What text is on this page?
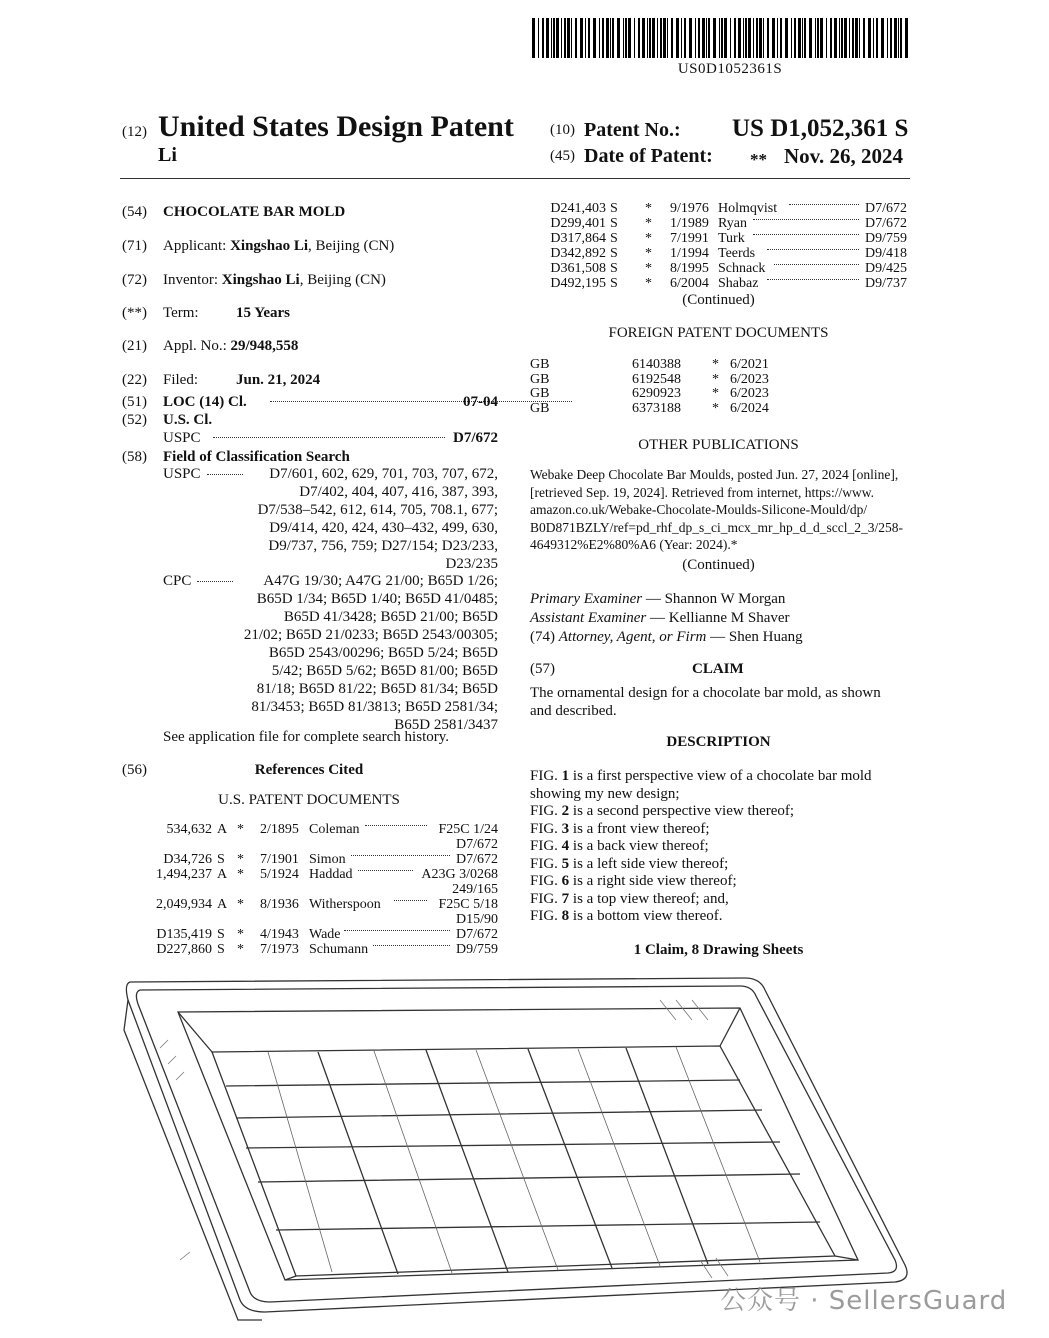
US0D1052361S
(12) United States Design Patent
Li
(10) Patent No.: US D1,052,361 S
(45) Date of Patent: ** Nov. 26, 2024
(54) CHOCOLATE BAR MOLD
(71) Applicant: Xingshao Li, Beijing (CN)
(72) Inventor: Xingshao Li, Beijing (CN)
(**) Term: 15 Years
(21) Appl. No.: 29/948,558
(22) Filed:	Jun. 21, 2024
(51) LOC (14) Cl.	07-04
(52) U.S. Cl.
USPC	D7/672
(58) Field of Classification Search
USPC	D7/601, 602, 629, 701, 703, 707, 672,
D7/402, 404, 407, 416, 387, 393,
D7/538–542, 612, 614, 705, 708.1, 677;
D9/414, 420, 424, 430–432, 499, 630,
D9/737, 756, 759; D27/154; D23/233,
D23/235
CPC	A47G 19/30; A47G 21/00; B65D 1/26;
B65D 1/34; B65D 1/40; B65D 41/0485;
B65D 41/3428; B65D 21/00; B65D
21/02; B65D 21/0233; B65D 2543/00305;
B65D 2543/00296; B65D 5/24; B65D
5/42; B65D 5/62; B65D 81/00; B65D
81/18; B65D 81/22; B65D 81/34; B65D
81/3453; B65D 81/3813; B65D 2581/34;
B65D 2581/3437
See application file for complete search history.
(56)	References Cited
U.S. PATENT DOCUMENTS
534,632 A * 2/1895 Coleman	F25C 1/24
D7/672
D34,726 S * 7/1901 Simon	D7/672
1,494,237 A * 5/1924 Haddad	A23G 3/0268
249/165
2,049,934 A * 8/1936 Witherspoon	F25C 5/18
D15/90
D135,419 S * 4/1943 Wade	D7/672
D227,860 S * 7/1973 Schumann	D9/759
D241,403 S * 9/1976 Holmqvist	D7/672
D299,401 S * 1/1989 Ryan	D7/672
D317,864 S * 7/1991 Turk	D9/759
D342,892 S * 1/1994 Teerds	D9/418
D361,508 S * 8/1995 Schnack	D9/425
D492,195 S * 6/2004 Shabaz	D9/737
(Continued)
FOREIGN PATENT DOCUMENTS
GB	6140388 * 6/2021
GB	6192548 * 6/2023
GB	6290923 * 6/2023
GB	6373188 * 6/2024
OTHER PUBLICATIONS
Webake Deep Chocolate Bar Moulds, posted Jun. 27, 2024 [online],
[retrieved Sep. 19, 2024]. Retrieved from internet, https://www.
amazon.co.uk/Webake-Chocolate-Moulds-Silicone-Mould/dp/
B0D871BZLY/ref=pd_rhf_dp_s_ci_mcx_mr_hp_d_d_sccl_2_3/258-
4649312%E2%80%A6 (Year: 2024).*
(Continued)
Primary Examiner — Shannon W Morgan
Assistant Examiner — Kellianne M Shaver
(74) Attorney, Agent, or Firm — Shen Huang
(57)	CLAIM
The ornamental design for a chocolate bar mold, as shown
and described.
DESCRIPTION
FIG. 1 is a first perspective view of a chocolate bar mold
showing my new design;
FIG. 2 is a second perspective view thereof;
FIG. 3 is a front view thereof;
FIG. 4 is a back view thereof;
FIG. 5 is a left side view thereof;
FIG. 6 is a right side view thereof;
FIG. 7 is a top view thereof; and,
FIG. 8 is a bottom view thereof.
1 Claim, 8 Drawing Sheets
公众号 · SellersGuard
